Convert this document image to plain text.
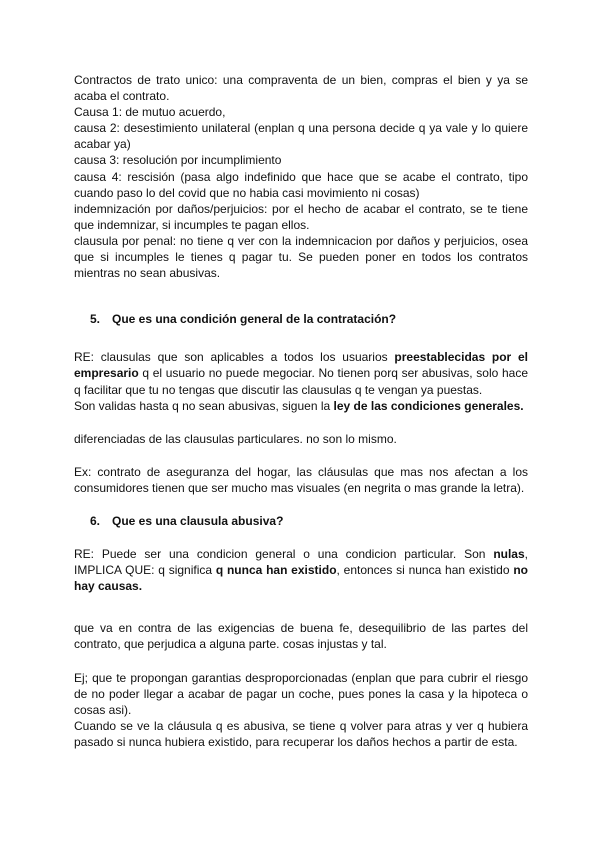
Contractos de trato unico: una compraventa de un bien, compras el bien y ya se acaba el contrato.

Causa 1: de mutuo acuerdo,

causa 2: desestimiento unilateral (enplan q una persona decide q ya vale y lo quiere acabar ya)

causa 3: resolución por incumplimiento

causa 4: rescisión (pasa algo indefinido que hace que se acabe el contrato, tipo cuando paso lo del covid que no habia casi movimiento ni cosas)

indemnización por daños/perjuicios: por el hecho de acabar el contrato, se te tiene que indemnizar, si incumples te pagan ellos.

clausula por penal: no tiene q ver con la indemnicacion por daños y perjuicios, osea que si incumples le tienes q pagar tu. Se pueden poner en todos los contratos mientras no sean abusivas.

5. Que es una condición general de la contratación?

RE: clausulas que son aplicables a todos los usuarios preestablecidas por el empresario q el usuario no puede megociar. No tienen porq ser abusivas, solo hace q facilitar que tu no tengas que discutir las clausulas q te vengan ya puestas.

Son validas hasta q no sean abusivas, siguen la ley de las condiciones generales.

diferenciadas de las clausulas particulares. no son lo mismo.

Ex: contrato de aseguranza del hogar, las cláusulas que mas nos afectan a los consumidores tienen que ser mucho mas visuales (en negrita o mas grande la letra).

6. Que es una clausula abusiva?

RE: Puede ser una condicion general o una condicion particular. Son nulas, IMPLICA QUE: q significa q nunca han existido, entonces si nunca han existido no hay causas.

que va en contra de las exigencias de buena fe, desequilibrio de las partes del contrato, que perjudica a alguna parte. cosas injustas y tal.

Ej; que te propongan garantias desproporcionadas (enplan que para cubrir el riesgo de no poder llegar a acabar de pagar un coche, pues pones la casa y la hipoteca o cosas asi).

Cuando se ve la cláusula q es abusiva, se tiene q volver para atras y ver q hubiera pasado si nunca hubiera existido, para recuperar los daños hechos a partir de esta.
